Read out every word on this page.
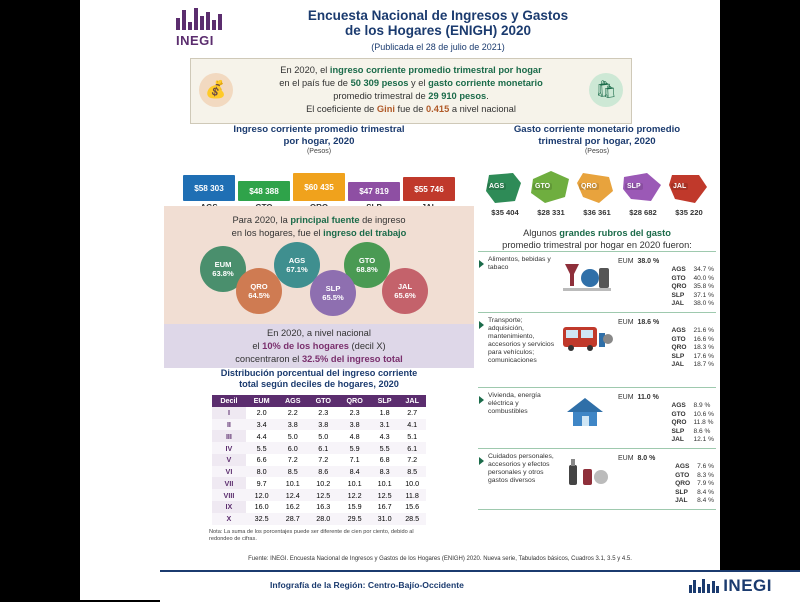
INEGI
Encuesta Nacional de Ingresos y Gastos
de los Hogares (ENIGH) 2020
(Publicada el 28 de julio de 2021)
💰	🛍
En 2020, el ingreso corriente promedio trimestral por hogar
en el país fue de 50 309 pesos y el gasto corriente monetario
promedio trimestral de 29 910 pesos.
El coeficiente de Gini fue de 0.415 a nivel nacional
Ingreso corriente promedio trimestral
por hogar, 2020
(Pesos)
$58 303	$48 388	$60 435	$47 819	$55 746
Para 2020, la principal fuente de ingreso
en los hogares, fue el ingreso del trabajo
EUM
63.8%
AGS
67.1%
GTO
68.8%
QRO
64.5%
SLP
65.5%
JAL
65.6%
En 2020, a nivel nacional
el 10% de los hogares (decil X)
concentraron el 32.5% del ingreso total
Distribución porcentual del ingreso corriente
total según deciles de hogares, 2020
Decil	EUM	AGS	GTO	QRO	SLP	JAL
I	2.0	2.2	2.3	2.3	1.8	2.7
II	3.4	3.8	3.8	3.8	3.1	4.1
III	4.4	5.0	5.0	4.8	4.3	5.1
IV	5.5	6.0	6.1	5.9	5.5	6.1
V	6.6	7.2	7.2	7.1	6.8	7.2
VI	8.0	8.5	8.6	8.4	8.3	8.5
VII	9.7	10.1	10.2	10.1	10.1	10.0
VIII	12.0	12.4	12.5	12.2	12.5	11.8
IX	16.0	16.2	16.3	15.9	16.7	15.6
X	32.5	28.7	28.0	29.5	31.0	28.5
Nota: La suma de los porcentajes puede ser diferente de cien por ciento, debido al redondeo de cifras.
Gasto corriente monetario promedio
trimestral por hogar, 2020
(Pesos)
AGS	GTO	QRO	SLP	JAL
$35 404	$28 331	$36 361	$28 682	$35 220
Algunos grandes rubros del gasto
promedio trimestral por hogar en 2020 fueron:
Alimentos, bebidas y tabacoEUM 38.0 %
AGS 34.7 %
GTO 40.0 %
QRO 35.8 %
SLP 37.1 %
JAL 38.0 %
Transporte; adquisición, mantenimiento, accesorios y servicios para vehículos; comunicacionesEUM 18.6 %
AGS 21.6 %
GTO 16.6 %
QRO 18.3 %
SLP 17.6 %
JAL 18.7 %
Vivienda, energía eléctrica y combustiblesEUM 11.0 %
AGS 8.9 %
GTO 10.6 %
QRO 11.8 %
SLP 8.6 %
JAL 12.1 %
Cuidados personales, accesorios y efectos personales y otros gastos diversosEUM 8.0 %
AGS 7.6 %
GTO 8.3 %
QRO 7.9 %
SLP 8.4 %
JAL 8.4 %
Fuente: INEGI. Encuesta Nacional de Ingresos y Gastos de los Hogares (ENIGH) 2020. Nueva serie, Tabulados básicos, Cuadros 3.1, 3.5 y 4.5.
Infografía de la Región: Centro-Bajío-Occidente	INEGI
